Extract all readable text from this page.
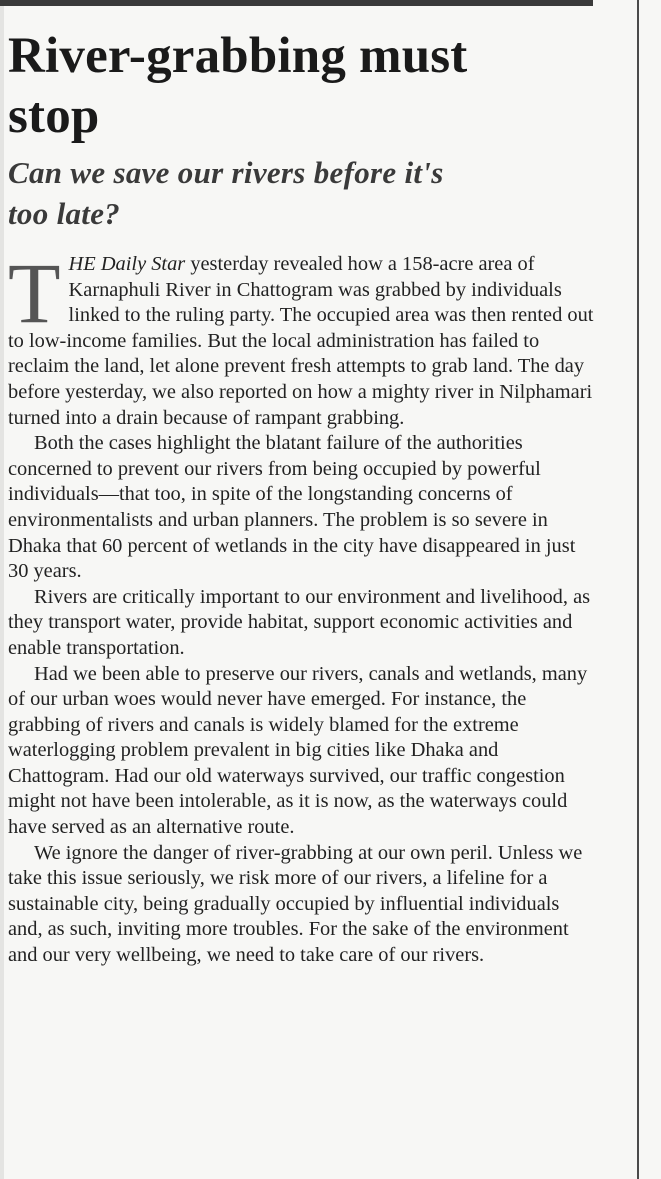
River-grabbing must
stop
Can we save our rivers before it's
too late?

THE Daily Star yesterday revealed how a 158-acre area of Karnaphuli River in Chattogram was grabbed by individuals linked to the ruling party. The occupied area was then rented out to low-income families. But the local administration has failed to reclaim the land, let alone prevent fresh attempts to grab land. The day before yesterday, we also reported on how a mighty river in Nilphamari turned into a drain because of rampant grabbing.

Both the cases highlight the blatant failure of the authorities concerned to prevent our rivers from being occupied by powerful individuals—that too, in spite of the longstanding concerns of environmentalists and urban planners. The problem is so severe in Dhaka that 60 percent of wetlands in the city have disappeared in just 30 years.

Rivers are critically important to our environment and livelihood, as they transport water, provide habitat, support economic activities and enable transportation.

Had we been able to preserve our rivers, canals and wetlands, many of our urban woes would never have emerged. For instance, the grabbing of rivers and canals is widely blamed for the extreme waterlogging problem prevalent in big cities like Dhaka and Chattogram. Had our old waterways survived, our traffic congestion might not have been intolerable, as it is now, as the waterways could have served as an alternative route.

We ignore the danger of river-grabbing at our own peril. Unless we take this issue seriously, we risk more of our rivers, a lifeline for a sustainable city, being gradually occupied by influential individuals and, as such, inviting more troubles. For the sake of the environment and our very wellbeing, we need to take care of our rivers.
